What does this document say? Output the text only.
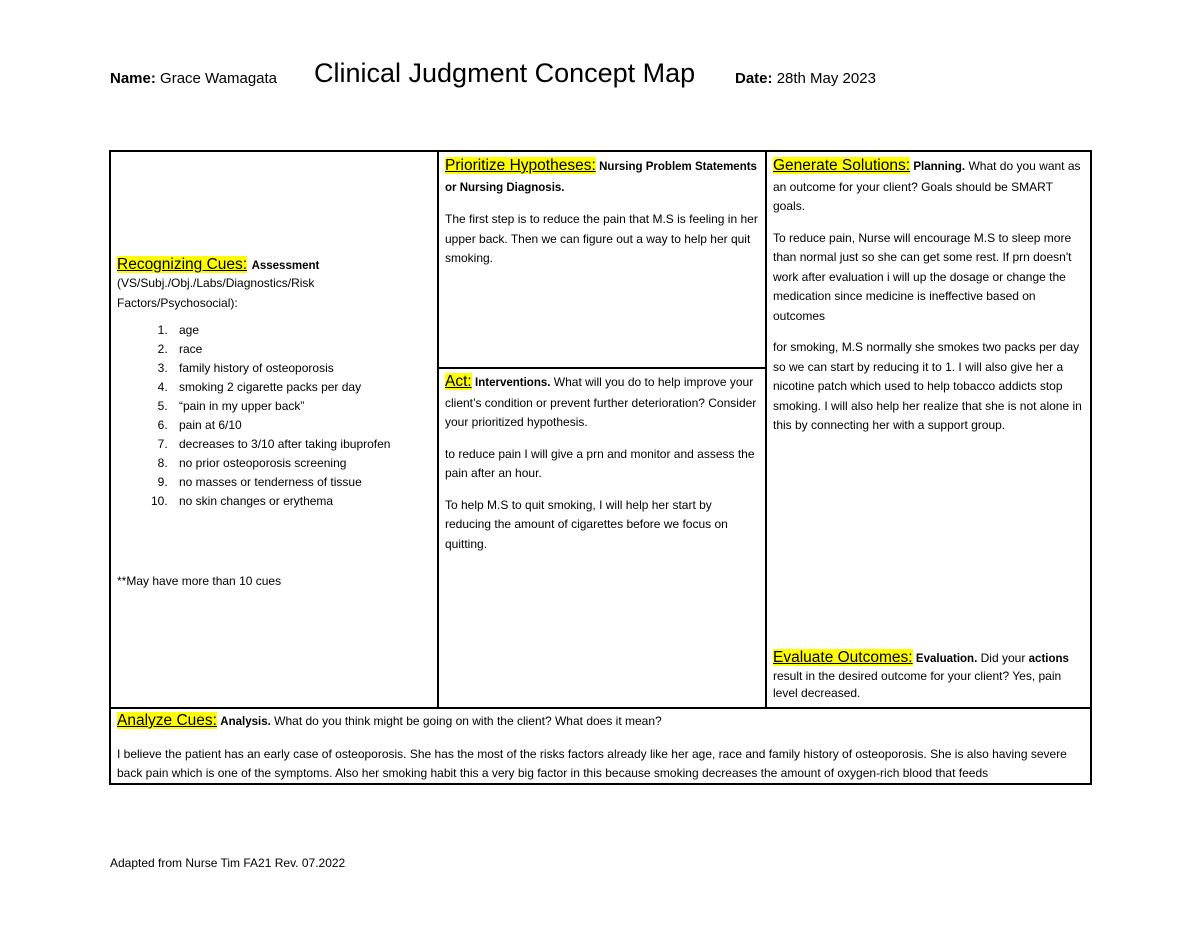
Name: Grace Wamagata Clinical Judgment Concept Map	Date: 28th May 2023
Recognizing Cues: Assessment

(VS/Subj./Obj./Labs/Diagnostics/Risk Factors/Psychosocial):

1. age
2. race
3. family history of osteoporosis
4. smoking 2 cigarette packs per day
5. “pain in my upper back”
6. pain at 6/10
7. decreases to 3/10 after taking ibuprofen
8. no prior osteoporosis screening
9. no masses or tenderness of tissue
10. no skin changes or erythema
**May have more than 10 cues

Prioritize Hypotheses: Nursing Problem Statements or Nursing Diagnosis.

The first step is to reduce the pain that M.S is feeling in her upper back. Then we can figure out a way to help her quit smoking.

Act: Interventions. What will you do to help improve your client’s condition or prevent further deterioration? Consider your prioritized hypothesis.

to reduce pain I will give a prn and monitor and assess the pain after an hour.

To help M.S to quit smoking, I will help her start by reducing the amount of cigarettes before we focus on quitting.

Generate Solutions: Planning. What do you want as an outcome for your client? Goals should be SMART goals.

To reduce pain, Nurse will encourage M.S to sleep more than normal just so she can get some rest. If prn doesn't work after evaluation i will up the dosage or change the medication since medicine is ineffective based on outcomes

for smoking, M.S normally she smokes two packs per day so we can start by reducing it to 1. I will also give her a nicotine patch which used to help tobacco addicts stop smoking. I will also help her realize that she is not alone in this by connecting her with a support group.

Evaluate Outcomes: Evaluation. Did your actions result in the desired outcome for your client? Yes, pain level decreased.

Analyze Cues: Analysis. What do you think might be going on with the client? What does it mean?

I believe the patient has an early case of osteoporosis. She has the most of the risks factors already like her age, race and family history of osteoporosis. She is also having severe back pain which is one of the symptoms. Also her smoking habit this a very big factor in this because smoking decreases the amount of oxygen-rich blood that feeds

Adapted from Nurse Tim FA21 Rev. 07.2022
